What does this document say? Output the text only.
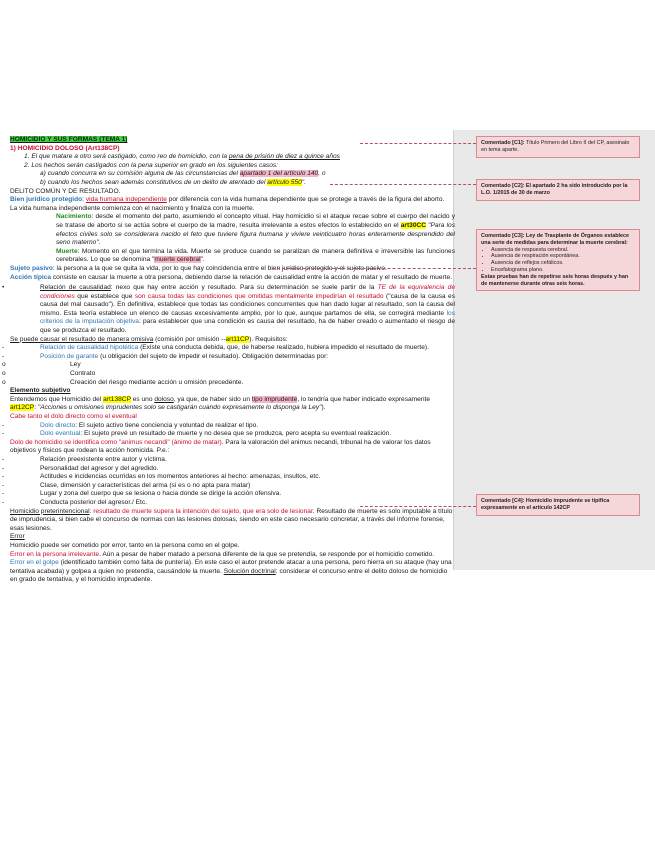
HOMICIDIO Y SUS FORMAS (TEMA 1)

1) HOMICIDIO DOLOSO (Art138CP)

1. El que matare a otro será castigado, como reo de homicidio, con la pena de prisión de diez a quince años

2. Los hechos serán castigados con la pena superior en grado en los siguientes casos:

a) cuando concurra en su comisión alguna de las circunstancias del apartado 1 del artículo 140, o

b) cuando los hechos sean además constitutivos de un delito de atentado del artículo 550".

DELITO COMÚN Y DE RESULTADO.

Bien jurídico protegido: vida humana independiente por diferencia con la vida humana dependiente que se protege a través de la figura del aborto.

La vida humana independiente comienza con el nacimiento y finaliza con la muerte.

Nacimiento: desde el momento del parto, asumiendo el concepto vitual. Hay homicidio si el ataque recae sobre el cuerpo del nacido y se tratase de aborto si se actúa sobre el cuerpo de la madre, resulta irrelevante a estos efectos lo establecido en el art30CC "Para los efectos civiles solo se considerara nacido el feto que tuviere figura humana y viviere veinticuatro horas enteramente desprendido del seno materno".

Muerte: Momento en el que termina la vida. Muerte se produce cuando se paralizan de manera definitiva e irreversible las funciones cerebrales. Lo que se denomina "muerte cerebral".

Sujeto pasivo: la persona a la que se quita la vida, por lo que hay coincidencia entre el bien jurídico protegido y el sujeto pasivo.

Acción típica consiste en causar la muerte a otra persona, debiendo darse la relación de causalidad entre la acción de matar y el resultado de muerte.

•	Relación de causalidad: nexo que hay entre acción y resultado. Para su determinación se suele partir de la TE de la equivalencia de condiciones que establece que son causa todas las condiciones que omitidas mentalmente impedirían el resultado ("causa de la causa es causa del mal causado"). En definitiva, establece que todas las condiciones concurrentes que han dado lugar al resultado, son la causa del mismo. Esta teoría establece un elenco de causas excesivamente amplio, por lo que, aunque partamos de ella, se corregirá mediante los criterios de la imputación objetiva: para establecer que una condición es causa del resultado, ha de haber creado o aumentado el riesgo de que se produzca el resultado.

Se puede causar el resultado de manera omisiva (comisión por omisión --art11CP). Requisitos:

-	Relación de causalidad hipotética (Existe una conducta debida, que, de haberse realizado, hubiera impedido el resultado de muerte).

-	Posición de garante (u obligación del sujeto de impedir el resultado). Obligación determinadas por:

o	Ley

o	Contrato

o	Creación del riesgo mediante acción u omisión precedente.

Elemento subjetivo

Entendemos que Homicidio del art138CP es uno doloso, ya que, de haber sido un tipo imprudente, lo tendría que haber indicado expresamente art12CP: "Acciones u omisiones imprudentes solo se castigarán cuando expresamente lo disponga la Ley").

Cabe tanto el dolo directo como el eventual

-	Dolo directo: El sujeto activo tiene conciencia y voluntad de realizar el tipo.

-	Dolo eventual: El sujeto prevé un resultado de muerte y no desea que se produzca, pero acepta su eventual realización.

Dolo de homicidio se identifica como "animus necandi" (ánimo de matar). Para la valoración del animus necandi, tribunal ha de valorar los datos objetivos y físicos que rodean la acción homicida. P.e.:

-	Relación preexistente entre autor y víctima.

-	Personalidad del agresor y del agredido.

-	Actitudes e incidencias ocurridas en los momentos anteriores al hecho: amenazas, insultos, etc.

-	Clase, dimensión y características del arma (si es o no apta para matar)

-	Lugar y zona del cuerpo que se lesiona o hacia donde se dirige la acción ofensiva.

-	Conducta posterior del agresor./ Etc.

Homicidio preterintencional: resultado de muerte supera la intención del sujeto, que era solo de lesionar. Resultado de muerte es solo imputable a título de imprudencia, si bien cabe el concurso de normas con las lesiones dolosas, siendo en este caso necesario concretar, a través del informe forense, esas lesiones.

Error

Homicidio puede ser cometido por error, tanto en la persona como en el golpe.

Error en la persona irrelevante. Aún a pesar de haber matado a persona diferente de la que se pretendía, se responde por el homicidio cometido.

Error en el golpe (identificado también como falta de puntería). En este caso el autor pretende atacar a una persona, pero hierra en su ataque (hay una tentativa acabada) y golpea a quien no pretendía, causándole la muerte. Solución doctrinal: considerar el concurso entre el delito doloso de homicidio en grado de tentativa, y el homicidio imprudente.

Comentado [C1]: Título Primero del Libro II del CP, asesinato en tema aparte.
Comentado [C2]: El apartado 2 ha sido introducido por la L.O. 1/2015 de 30 de marzo
Comentado [C3]: Ley de Trasplante de Órganos establece una serie de medidas para determinar la muerte cerebral:
• Ausencia de respuesta cerebral.
• Ausencia de respiración espontánea.
• Ausencia de reflejos cefálicos.
• Encefalograma plano.
Estas pruebas han de repetirse seis horas después y han de mantenerse durante otras seis horas.
Comentado [C4]: Homicidio imprudente se tipifica expresamente en el artículo 142CP
